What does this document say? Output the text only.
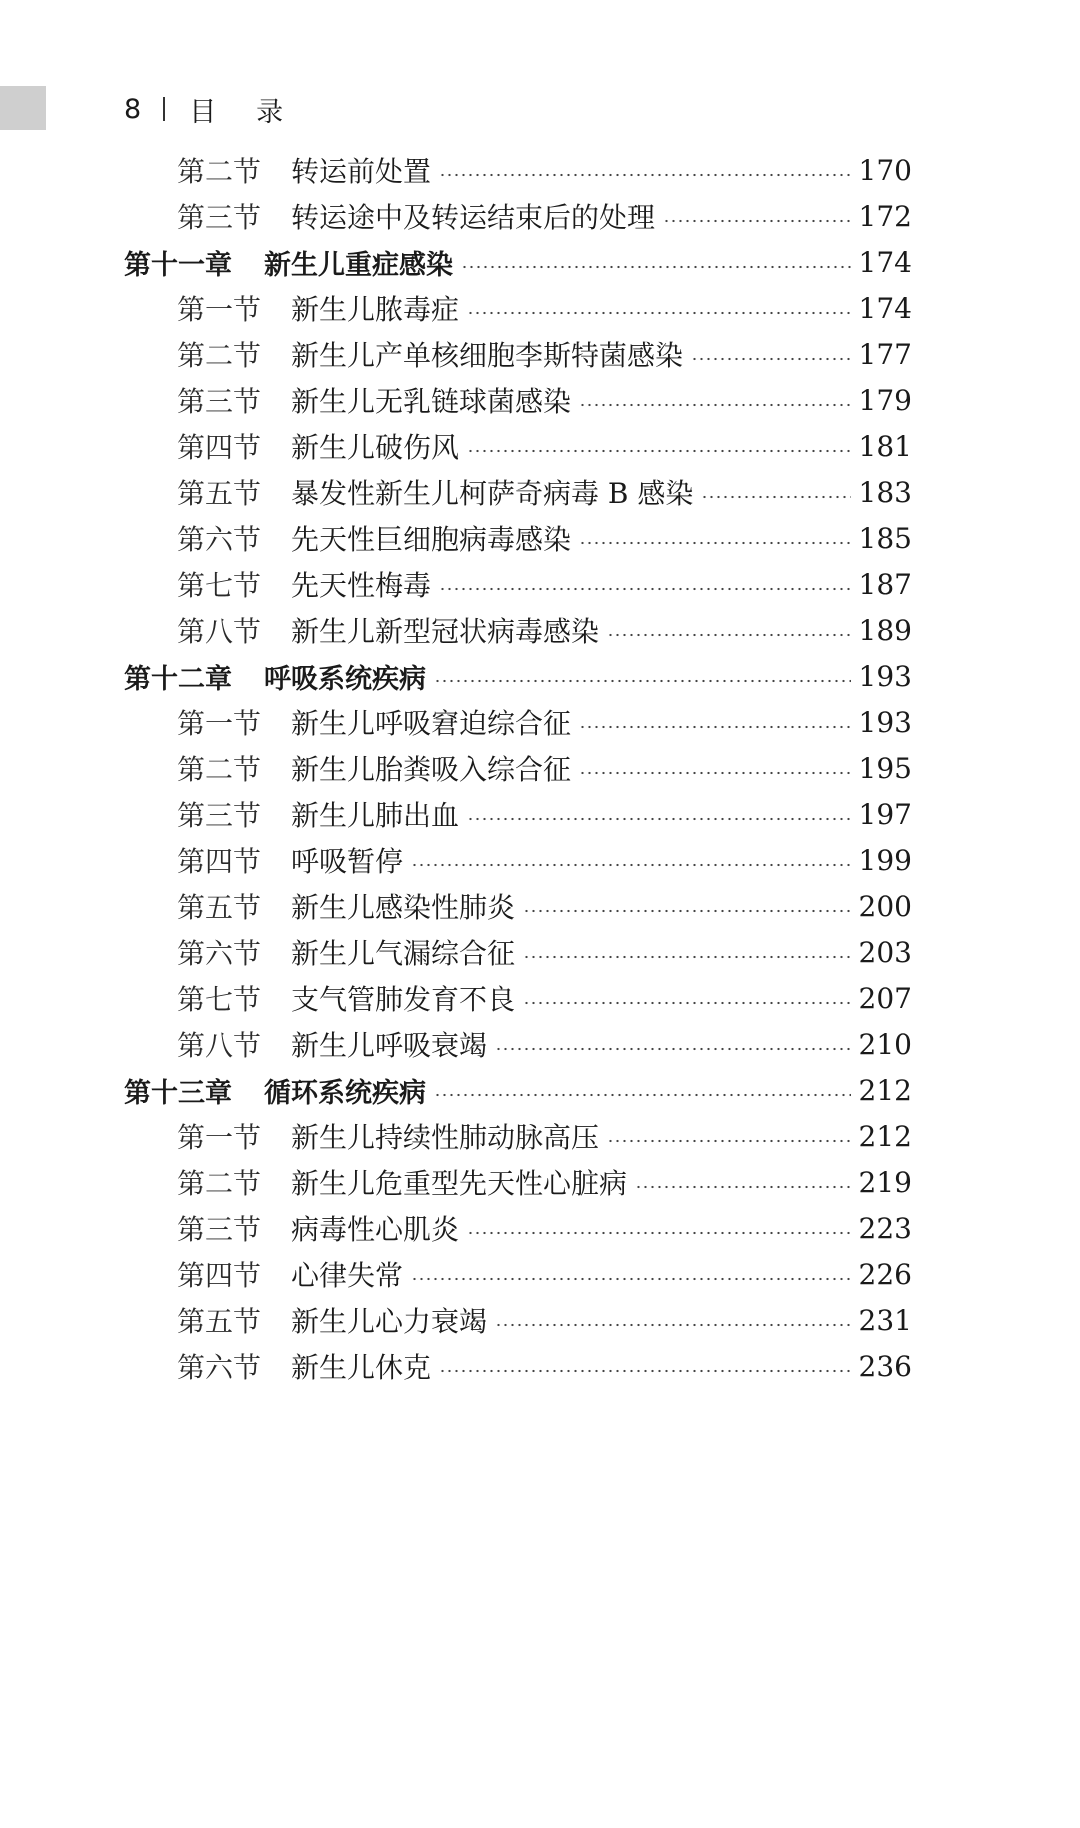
8 目录
第二节	转运前处置	170
第三节	转运途中及转运结束后的处理	172
第十一章	新生儿重症感染	174
第一节	新生儿脓毒症	174
第二节	新生儿产单核细胞李斯特菌感染	177
第三节	新生儿无乳链球菌感染	179
第四节	新生儿破伤风	181
第五节	暴发性新生儿柯萨奇病毒 B 感染	183
第六节	先天性巨细胞病毒感染	185
第七节	先天性梅毒	187
第八节	新生儿新型冠状病毒感染	189
第十二章	呼吸系统疾病	193
第一节	新生儿呼吸窘迫综合征	193
第二节	新生儿胎粪吸入综合征	195
第三节	新生儿肺出血	197
第四节	呼吸暂停	199
第五节	新生儿感染性肺炎	200
第六节	新生儿气漏综合征	203
第七节	支气管肺发育不良	207
第八节	新生儿呼吸衰竭	210
第十三章	循环系统疾病	212
第一节	新生儿持续性肺动脉高压	212
第二节	新生儿危重型先天性心脏病	219
第三节	病毒性心肌炎	223
第四节	心律失常	226
第五节	新生儿心力衰竭	231
第六节	新生儿休克	236
